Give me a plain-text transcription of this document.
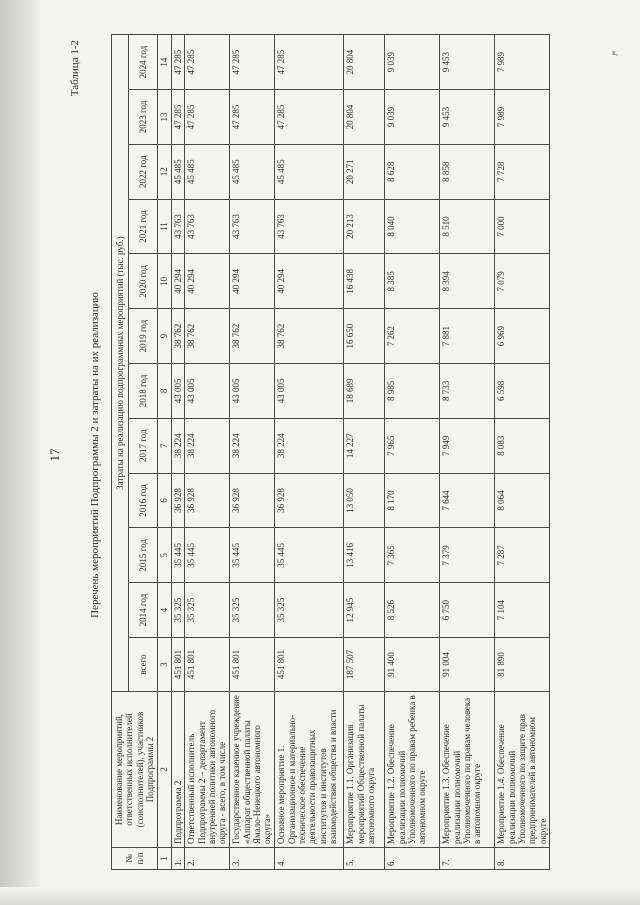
к,
17
Таблица 1-2
Перечень мероприятий Подпрограммы 2 и затраты на их реализацию
№ п/п	Наименование мероприятий, ответственных исполнителей (соисполнителей), участников Подпрограммы 2	Затраты на реализацию подпрограммных мероприятий (тыс. руб.)											
		всего	2014 год	2015 год	2016 год	2017 год	2018 год	2019 год	2020 год	2021 год	2022 год	2023 год	2024 год
1	2	3	4	5	6	7	8	9	10	11	12	13	14
1.	Подпрограмма 2	451 801	35 325	35 445	36 928	38 224	43 005	38 762	40 294	43 763	45 485	47 285	47 285
2.	Ответственный исполнитель Подпрограммы 2 – департамент внутренней политики автономного округа - всего, в том числе	451 801	35 325	35 445	36 928	38 224	43 005	38 762	40 294	43 763	45 485	47 285	47 285
3.	Государственное казенное учреждение «Аппарат общественной палаты Ямало-Ненецкого автономного округа»	451 801	35 325	35 445	36 928	38 224	43 005	38 762	40 294	43 763	45 485	47 285	47 285
4.	Основное мероприятие 1. Организационное и материально-техническое обеспечение деятельности правозащитных институтов и институтов взаимодействия общества и власти	451 801	35 325	35 445	36 928	38 224	43 005	38 762	40 294	43 763	45 485	47 285	47 285
5.	Мероприятие 1.1. Организация мероприятий Общественной палаты автономного округа	187 507	12 945	13 416	13 050	14 227	18 689	16 650	16 438	20 213	20 271	20 804	20 804
6.	Мероприятие 1.2. Обеспечение реализации полномочий Уполномоченного по правам ребенка в автономном округе	91 400	8 526	7 365	8 170	7 965	8 985	7 262	8 385	8 040	8 628	9 039	9 039
7.	Мероприятие 1.3. Обеспечение реализации полномочий Уполномоченного по правам человека в автономном округе	91 004	6 750	7 379	7 644	7 949	8 733	7 881	8 394	8 510	8 858	9 453	9 453
8.	Мероприятие 1.4. Обеспечение реализации полномочий Уполномоченного по защите прав предпринимателей в автономном округе	81 890	7 104	7 287	8 064	8 083	6 598	6 969	7 079	7 000	7 728	7 989	7 989
